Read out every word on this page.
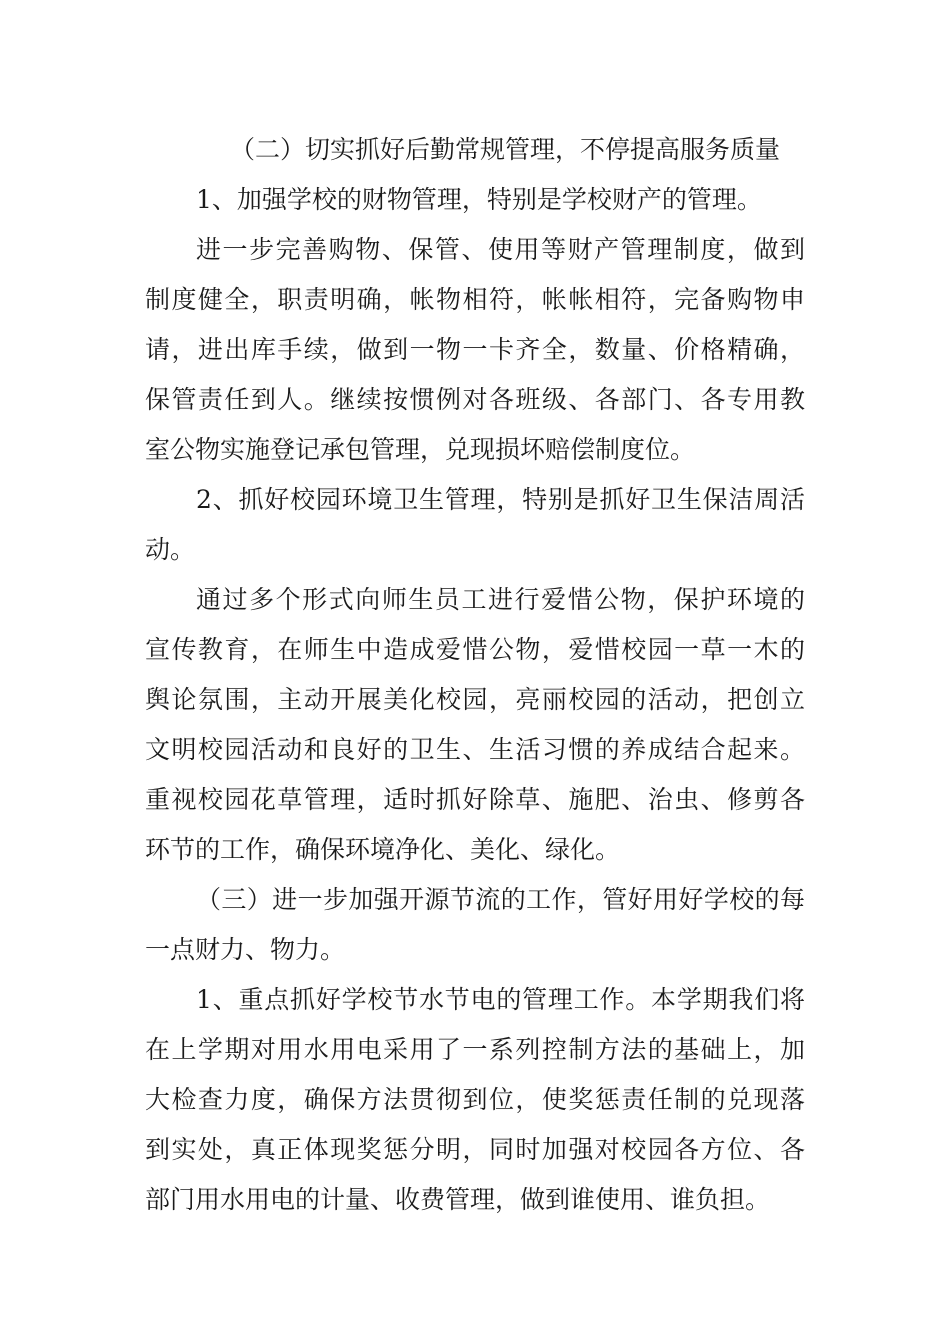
（二）切实抓好后勤常规管理，不停提高服务质量
1、加强学校的财物管理，特别是学校财产的管理。
进一步完善购物、保管、使用等财产管理制度，做到
制度健全，职责明确，帐物相符，帐帐相符，完备购物申
请，进出库手续，做到一物一卡齐全，数量、价格精确，
保管责任到人。继续按惯例对各班级、各部门、各专用教
室公物实施登记承包管理，兑现损坏赔偿制度位。
2、抓好校园环境卫生管理，特别是抓好卫生保洁周活
动。
通过多个形式向师生员工进行爱惜公物，保护环境的
宣传教育，在师生中造成爱惜公物，爱惜校园一草一木的
舆论氛围，主动开展美化校园，亮丽校园的活动，把创立
文明校园活动和良好的卫生、生活习惯的养成结合起来。
重视校园花草管理，适时抓好除草、施肥、治虫、修剪各
环节的工作，确保环境净化、美化、绿化。
（三）进一步加强开源节流的工作，管好用好学校的每
一点财力、物力。
1、重点抓好学校节水节电的管理工作。本学期我们将
在上学期对用水用电采用了一系列控制方法的基础上，加
大检查力度，确保方法贯彻到位，使奖惩责任制的兑现落
到实处，真正体现奖惩分明，同时加强对校园各方位、各
部门用水用电的计量、收费管理，做到谁使用、谁负担。
